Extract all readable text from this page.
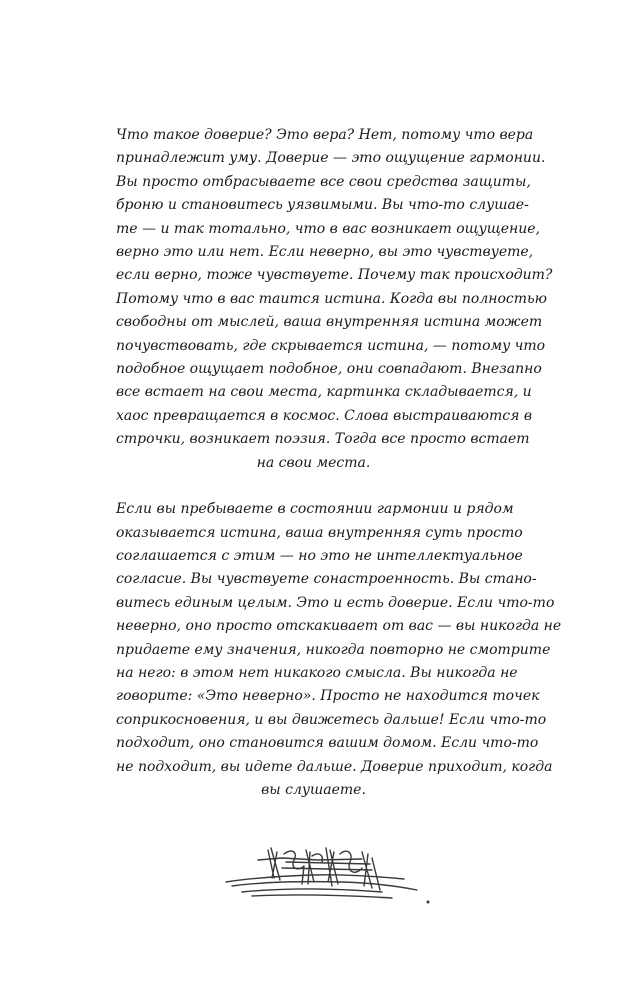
Что такое доверие? Это вера? Нет, потому что вера
принадлежит уму. Доверие — это ощущение гармонии.
Вы просто отбрасываете все свои средства защиты,
броню и становитесь уязвимыми. Вы что-то слушае-
те — и так тотально, что в вас возникает ощущение,
верно это или нет. Если неверно, вы это чувствуете,
если верно, тоже чувствуете. Почему так происходит?
Потому что в вас таится истина. Когда вы полностью
свободны от мыслей, ваша внутренняя истина может
почувствовать, где скрывается истина, — потому что
подобное ощущает подобное, они совпадают. Внезапно
все встает на свои места, картинка складывается, и
хаос превращается в космос. Слова выстраиваются в
строчки, возникает поэзия. Тогда все просто встает
на свои места.

Если вы пребываете в состоянии гармонии и рядом
оказывается истина, ваша внутренняя суть просто
соглашается с этим — но это не интеллектуальное
согласие. Вы чувствуете сонастроенность. Вы стано-
витесь единым целым. Это и есть доверие. Если что-то
неверно, оно просто отскакивает от вас — вы никогда не
придаете ему значения, никогда повторно не смотрите
на него: в этом нет никакого смысла. Вы никогда не
говорите: «Это неверно». Просто не находится точек
соприкосновения, и вы движетесь дальше! Если что-то
подходит, оно становится вашим домом. Если что-то
не подходит, вы идете дальше. Доверие приходит, когда
вы слушаете.
